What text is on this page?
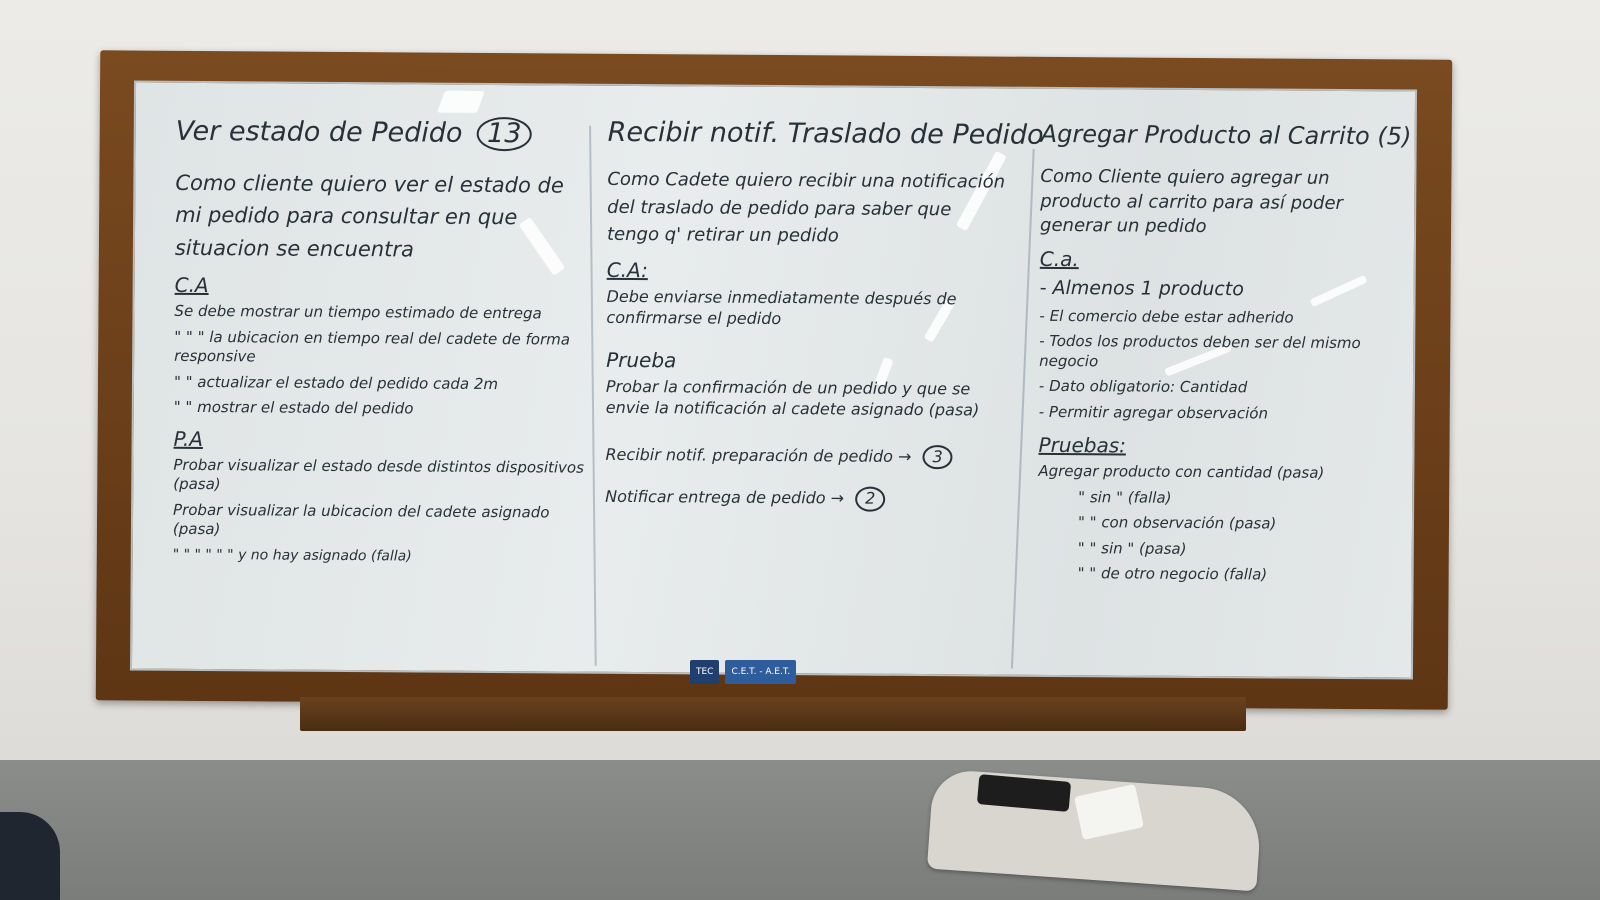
Ver estado de Pedido 13
Como cliente quiero ver el estado de mi pedido para consultar en que situacion se encuentra
C.A
Se debe mostrar un tiempo estimado de entrega
" " " la ubicacion en tiempo real del cadete de forma responsive
" " actualizar el estado del pedido cada 2m
" " mostrar el estado del pedido
P.A
Probar visualizar el estado desde distintos dispositivos (pasa)
Probar visualizar la ubicacion del cadete asignado (pasa)
" " " " " " y no hay asignado (falla)
Recibir notif. Traslado de Pedido
Como Cadete quiero recibir una notificación del traslado de pedido para saber que tengo q' retirar un pedido
C.A:
Debe enviarse inmediatamente después de confirmarse el pedido
Prueba
Probar la confirmación de un pedido y que se envie la notificación al cadete asignado (pasa)
Recibir notif. preparación de pedido → 3
Notificar entrega de pedido → 2
Agregar Producto al Carrito (5)
Como Cliente quiero agregar un producto al carrito para así poder generar un pedido
C.a.
- Almenos 1 producto
- El comercio debe estar adherido
- Todos los productos deben ser del mismo negocio
- Dato obligatorio: Cantidad
- Permitir agregar observación
Pruebas:
Agregar producto con cantidad (pasa)
" sin " (falla)
" " con observación (pasa)
" " sin " (pasa)
" " de otro negocio (falla)
TEC	C.E.T. - A.E.T.
